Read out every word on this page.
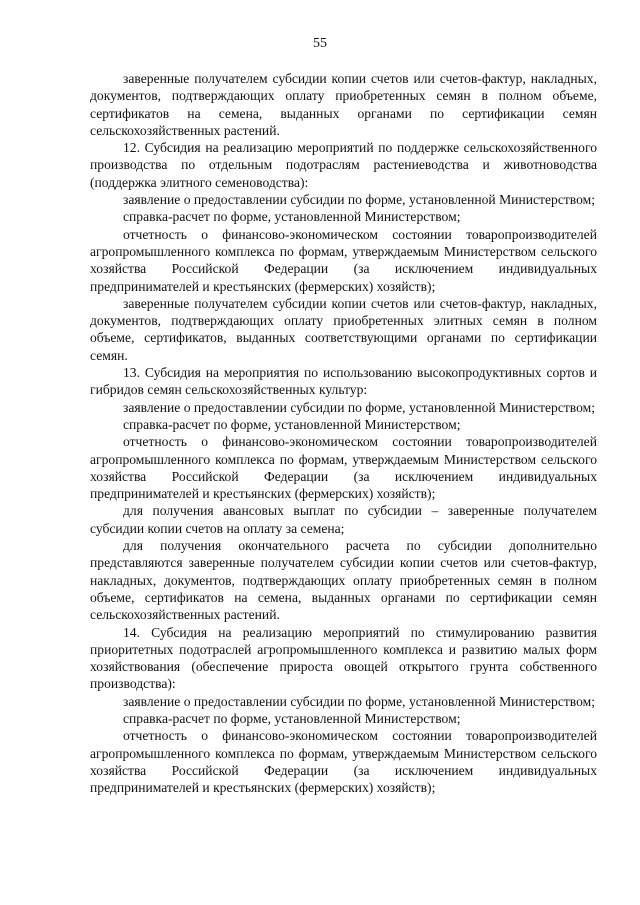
55

заверенные получателем субсидии копии счетов или счетов-фактур, накладных, документов, подтверждающих оплату приобретенных семян в полном объеме, сертификатов на семена, выданных органами по сертификации семян сельскохозяйственных растений.

12. Субсидия на реализацию мероприятий по поддержке сельскохозяйственного производства по отдельным подотраслям растениеводства и животноводства (поддержка элитного семеноводства):

заявление о предоставлении субсидии по форме, установленной Министерством;

справка-расчет по форме, установленной Министерством;

отчетность о финансово-экономическом состоянии товаропроизводителей агропромышленного комплекса по формам, утверждаемым Министерством сельского хозяйства Российской Федерации (за исключением индивидуальных предпринимателей и крестьянских (фермерских) хозяйств);

заверенные получателем субсидии копии счетов или счетов-фактур, накладных, документов, подтверждающих оплату приобретенных элитных семян в полном объеме, сертификатов, выданных соответствующими органами по сертификации семян.

13. Субсидия на мероприятия по использованию высокопродуктивных сортов и гибридов семян сельскохозяйственных культур:

заявление о предоставлении субсидии по форме, установленной Министерством;

справка-расчет по форме, установленной Министерством;

отчетность о финансово-экономическом состоянии товаропроизводителей агропромышленного комплекса по формам, утверждаемым Министерством сельского хозяйства Российской Федерации (за исключением индивидуальных предпринимателей и крестьянских (фермерских) хозяйств);

для получения авансовых выплат по субсидии – заверенные получателем субсидии копии счетов на оплату за семена;

для получения окончательного расчета по субсидии дополнительно представляются заверенные получателем субсидии копии счетов или счетов-фактур, накладных, документов, подтверждающих оплату приобретенных семян в полном объеме, сертификатов на семена, выданных органами по сертификации семян сельскохозяйственных растений.

14. Субсидия на реализацию мероприятий по стимулированию развития приоритетных подотраслей агропромышленного комплекса и развитию малых форм хозяйствования (обеспечение прироста овощей открытого грунта собственного производства):

заявление о предоставлении субсидии по форме, установленной Министерством;

справка-расчет по форме, установленной Министерством;

отчетность о финансово-экономическом состоянии товаропроизводителей агропромышленного комплекса по формам, утверждаемым Министерством сельского хозяйства Российской Федерации (за исключением индивидуальных предпринимателей и крестьянских (фермерских) хозяйств);
